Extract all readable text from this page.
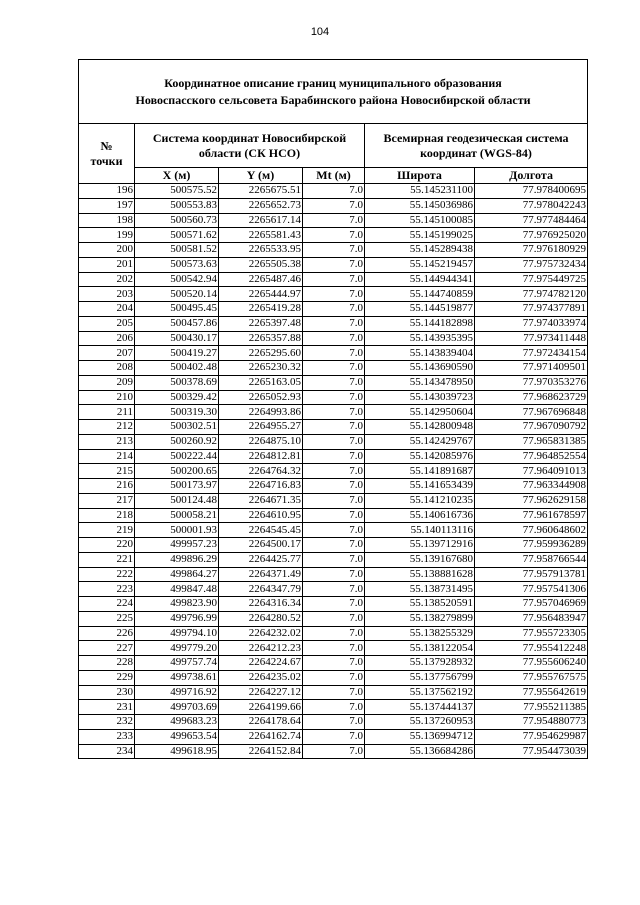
104
Координатное описание границ муниципального образования
Новоспасского сельсовета Барабинского района Новосибирской области					

№
точки	Система координат Новосибирской области (СК НСО)			Всемирная геодезическая система координат (WGS-84)	
	X (м)	Y (м)	Mt (м)	Широта	Долгота
196	500575.52	2265675.51	7.0	55.145231100	77.978400695
197	500553.83	2265652.73	7.0	55.145036986	77.978042243
198	500560.73	2265617.14	7.0	55.145100085	77.977484464
199	500571.62	2265581.43	7.0	55.145199025	77.976925020
200	500581.52	2265533.95	7.0	55.145289438	77.976180929
201	500573.63	2265505.38	7.0	55.145219457	77.975732434
202	500542.94	2265487.46	7.0	55.144944341	77.975449725
203	500520.14	2265444.97	7.0	55.144740859	77.974782120
204	500495.45	2265419.28	7.0	55.144519877	77.974377891
205	500457.86	2265397.48	7.0	55.144182898	77.974033974
206	500430.17	2265357.88	7.0	55.143935395	77.973411448
207	500419.27	2265295.60	7.0	55.143839404	77.972434154
208	500402.48	2265230.32	7.0	55.143690590	77.971409501
209	500378.69	2265163.05	7.0	55.143478950	77.970353276
210	500329.42	2265052.93	7.0	55.143039723	77.968623729
211	500319.30	2264993.86	7.0	55.142950604	77.967696848
212	500302.51	2264955.27	7.0	55.142800948	77.967090792
213	500260.92	2264875.10	7.0	55.142429767	77.965831385
214	500222.44	2264812.81	7.0	55.142085976	77.964852554
215	500200.65	2264764.32	7.0	55.141891687	77.964091013
216	500173.97	2264716.83	7.0	55.141653439	77.963344908
217	500124.48	2264671.35	7.0	55.141210235	77.962629158
218	500058.21	2264610.95	7.0	55.140616736	77.961678597
219	500001.93	2264545.45	7.0	55.140113116	77.960648602
220	499957.23	2264500.17	7.0	55.139712916	77.959936289
221	499896.29	2264425.77	7.0	55.139167680	77.958766544
222	499864.27	2264371.49	7.0	55.138881628	77.957913781
223	499847.48	2264347.79	7.0	55.138731495	77.957541306
224	499823.90	2264316.34	7.0	55.138520591	77.957046969
225	499796.99	2264280.52	7.0	55.138279899	77.956483947
226	499794.10	2264232.02	7.0	55.138255329	77.955723305
227	499779.20	2264212.23	7.0	55.138122054	77.955412248
228	499757.74	2264224.67	7.0	55.137928932	77.955606240
229	499738.61	2264235.02	7.0	55.137756799	77.955767575
230	499716.92	2264227.12	7.0	55.137562192	77.955642619
231	499703.69	2264199.66	7.0	55.137444137	77.955211385
232	499683.23	2264178.64	7.0	55.137260953	77.954880773
233	499653.54	2264162.74	7.0	55.136994712	77.954629987
234	499618.95	2264152.84	7.0	55.136684286	77.954473039
